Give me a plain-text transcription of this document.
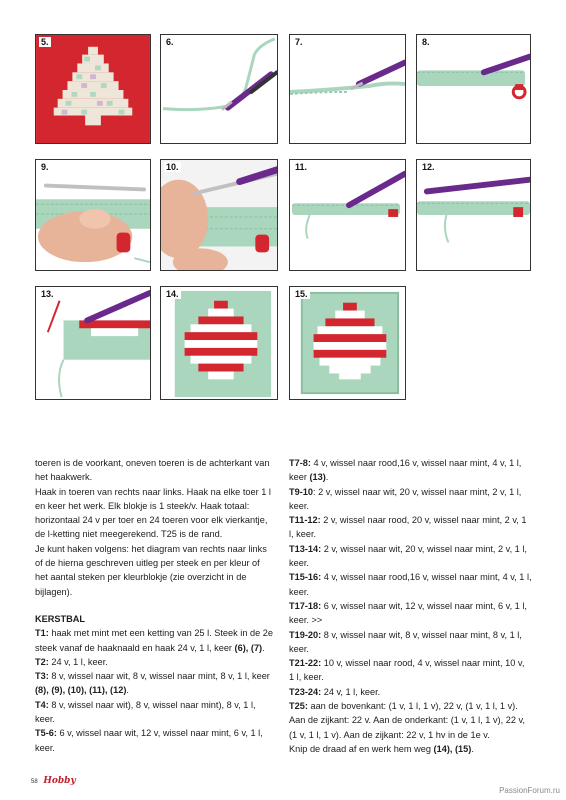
5.	6.	7.	8.
9.	10.	11.	12.
13.	14.	15.

toeren is de voorkant, oneven toeren is de achterkant van het haakwerk.

Haak in toeren van rechts naar links. Haak na elke toer 1 l en keer het werk. Elk blokje is 1 steek/v. Haak totaal: horizontaal 24 v per toer en 24 toeren voor elk vierkantje, de l-ketting niet meegerekend. T25 is de rand.

Je kunt haken volgens: het diagram van rechts naar links of de hierna geschreven uitleg per steek en per kleur of het aantal steken per kleurblokje (zie overzicht in de bijlagen).

KERSTBAL

T1: haak met mint met een ketting van 25 l. Steek in de 2e steek vanaf de haaknaald en haak 24 v, 1 l, keer (6), (7).

T2: 24 v, 1 l, keer.

T3: 8 v, wissel naar wit, 8 v, wissel naar mint, 8 v, 1 l, keer (8), (9), (10), (11), (12).

T4: 8 v, wissel naar wit), 8 v, wissel naar mint), 8 v, 1 l, keer.

T5-6: 6 v, wissel naar wit, 12 v, wissel naar mint, 6 v, 1 l, keer.

T7-8: 4 v, wissel naar rood,16 v, wissel naar mint, 4 v, 1 l, keer (13).

T9-10: 2 v, wissel naar wit, 20 v, wissel naar mint, 2 v, 1 l, keer.

T11-12: 2 v, wissel naar rood, 20 v, wissel naar mint, 2 v, 1 l, keer.

T13-14: 2 v, wissel naar wit, 20 v, wissel naar mint, 2 v, 1 l, keer.

T15-16: 4 v, wissel naar rood,16 v, wissel naar mint, 4 v, 1 l, keer.

T17-18: 6 v, wissel naar wit, 12 v, wissel naar mint, 6 v, 1 l, keer. >>

T19-20: 8 v, wissel naar wit, 8 v, wissel naar mint, 8 v, 1 l, keer.

T21-22: 10 v, wissel naar rood, 4 v, wissel naar mint, 10 v, 1 l, keer.

T23-24: 24 v, 1 l, keer.

T25: aan de bovenkant: (1 v, 1 l, 1 v), 22 v, (1 v, 1 l, 1 v). Aan de zijkant: 22 v. Aan de onderkant: (1 v, 1 l, 1 v), 22 v, (1 v, 1 l, 1 v). Aan de zijkant: 22 v, 1 hv in de 1e v.

Knip de draad af en werk hem weg (14), (15).

58 Hobby
PassionForum.ru
